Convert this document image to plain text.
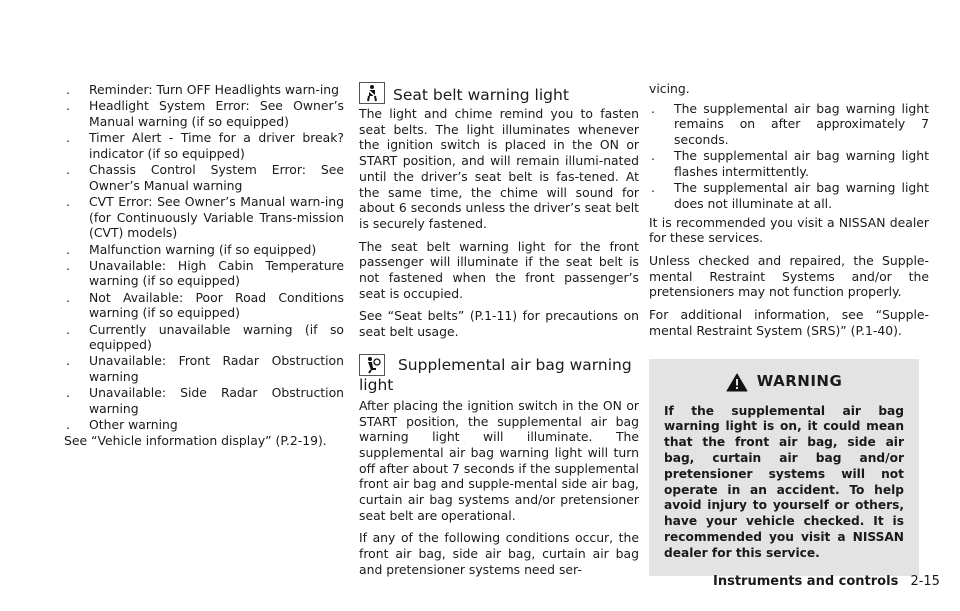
.	Reminder: Turn OFF Headlights warn-ing
.	Headlight System Error: See Owner’s Manual warning (if so equipped)
.	Timer Alert - Time for a driver break? indicator (if so equipped)
.	Chassis Control System Error: See Owner’s Manual warning
.	CVT Error: See Owner’s Manual warn-ing (for Continuously Variable Trans-mission (CVT) models)
.	Malfunction warning (if so equipped)
.	Unavailable: High Cabin Temperature warning (if so equipped)
.	Not Available: Poor Road Conditions warning (if so equipped)
.	Currently unavailable warning (if so equipped)
.	Unavailable: Front Radar Obstruction warning
.	Unavailable: Side Radar Obstruction warning
.	Other warning

See “Vehicle information display” (P.2-19).

Seat belt warning light

The light and chime remind you to fasten seat belts. The light illuminates whenever the ignition switch is placed in the ON or START position, and will remain illumi-nated until the driver’s seat belt is fas-tened. At the same time, the chime will sound for about 6 seconds unless the driver’s seat belt is securely fastened.

The seat belt warning light for the front passenger will illuminate if the seat belt is not fastened when the front passenger’s seat is occupied.

See “Seat belts” (P.1-11) for precautions on seat belt usage.

Supplemental air bag warning light

After placing the ignition switch in the ON or START position, the supplemental air bag warning light will illuminate. The supplemental air bag warning light will turn off after about 7 seconds if the supplemental front air bag and supple-mental side air bag, curtain air bag systems and/or pretensioner seat belt are operational.

If any of the following conditions occur, the front air bag, side air bag, curtain air bag and pretensioner systems need ser-

vicing.

.	The supplemental air bag warning light remains on after approximately 7 seconds.
.	The supplemental air bag warning light flashes intermittently.
.	The supplemental air bag warning light does not illuminate at all.

It is recommended you visit a NISSAN dealer for these services.

Unless checked and repaired, the Supple-mental Restraint Systems and/or the pretensioners may not function properly.

For additional information, see “Supple-mental Restraint System (SRS)” (P.1-40).

WARNING
If the supplemental air bag warning light is on, it could mean that the front air bag, side air bag, curtain air bag and/or pretensioner systems will not operate in an accident. To help avoid injury to yourself or others, have your vehicle checked. It is recommended you visit a NISSAN dealer for this service.
Instruments and controls 2-15
